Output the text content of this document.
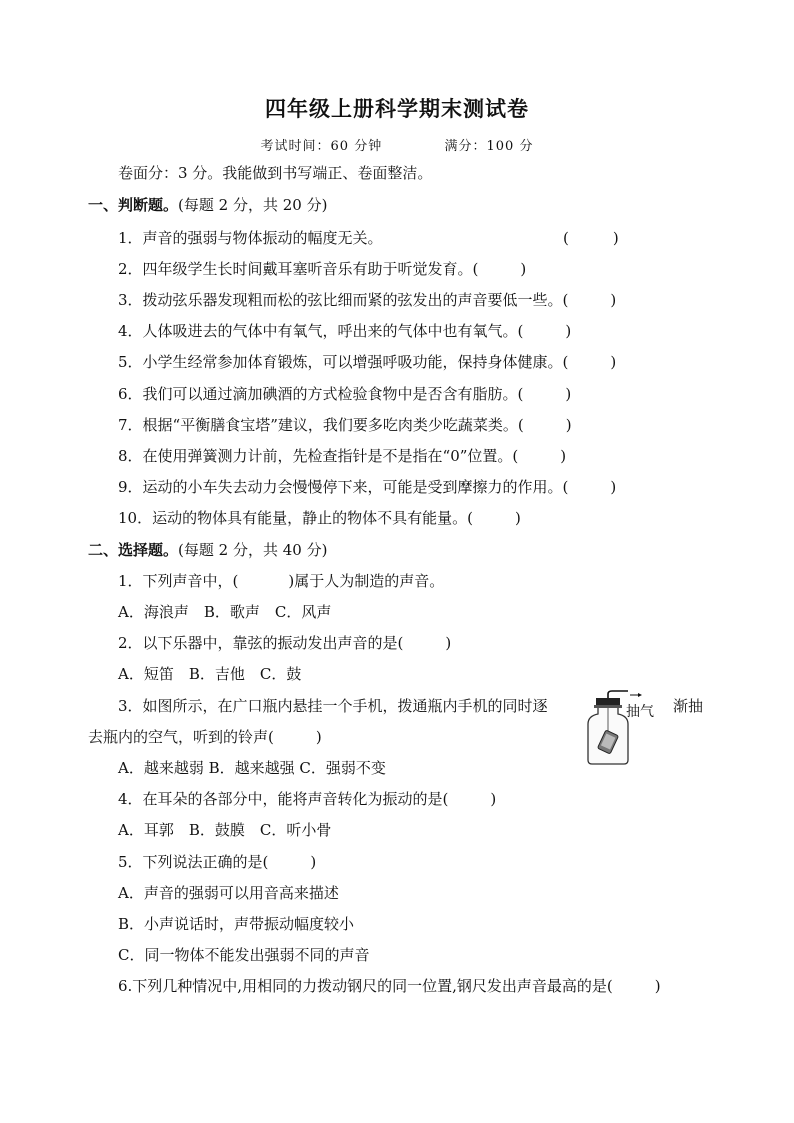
四年级上册科学期末测试卷
考试时间：60 分钟	满分：100 分
卷面分：3 分。我能做到书写端正、卷面整洁。
一、判断题。(每题 2 分，共 20 分)
1．声音的强弱与物体振动的幅度无关。	(	)
2．四年级学生长时间戴耳塞听音乐有助于听觉发育。(	)
3．拨动弦乐器发现粗而松的弦比细而紧的弦发出的声音要低一些。(	)
4．人体吸进去的气体中有氧气，呼出来的气体中也有氧气。(	)
5．小学生经常参加体育锻炼，可以增强呼吸功能，保持身体健康。(	)
6．我们可以通过滴加碘酒的方式检验食物中是否含有脂肪。(	)
7．根据“平衡膳食宝塔”建议，我们要多吃肉类少吃蔬菜类。(	)
8．在使用弹簧测力计前，先检查指针是不是指在“0”位置。(	)
9．运动的小车失去动力会慢慢停下来，可能是受到摩擦力的作用。(	)
10．运动的物体具有能量，静止的物体不具有能量。(	)
二、选择题。(每题 2 分，共 40 分)
1．下列声音中，(	)属于人为制造的声音。
A．海浪声　B．歌声　C．风声
2．以下乐器中，靠弦的振动发出声音的是(	)
A．短笛　B．吉他　C．鼓
3．如图所示，在广口瓶内悬挂一个手机，拨通瓶内手机的同时逐	渐抽
去瓶内的空气，听到的铃声(	)
抽气
A．越来越弱 B．越来越强 C．强弱不变
4．在耳朵的各部分中，能将声音转化为振动的是(	)
A．耳郭　B．鼓膜　C．听小骨
5．下列说法正确的是(	)
A．声音的强弱可以用音高来描述
B．小声说话时，声带振动幅度较小
C．同一物体不能发出强弱不同的声音
6.下列几种情况中,用相同的力拨动钢尺的同一位置,钢尺发出声音最高的是(	)
